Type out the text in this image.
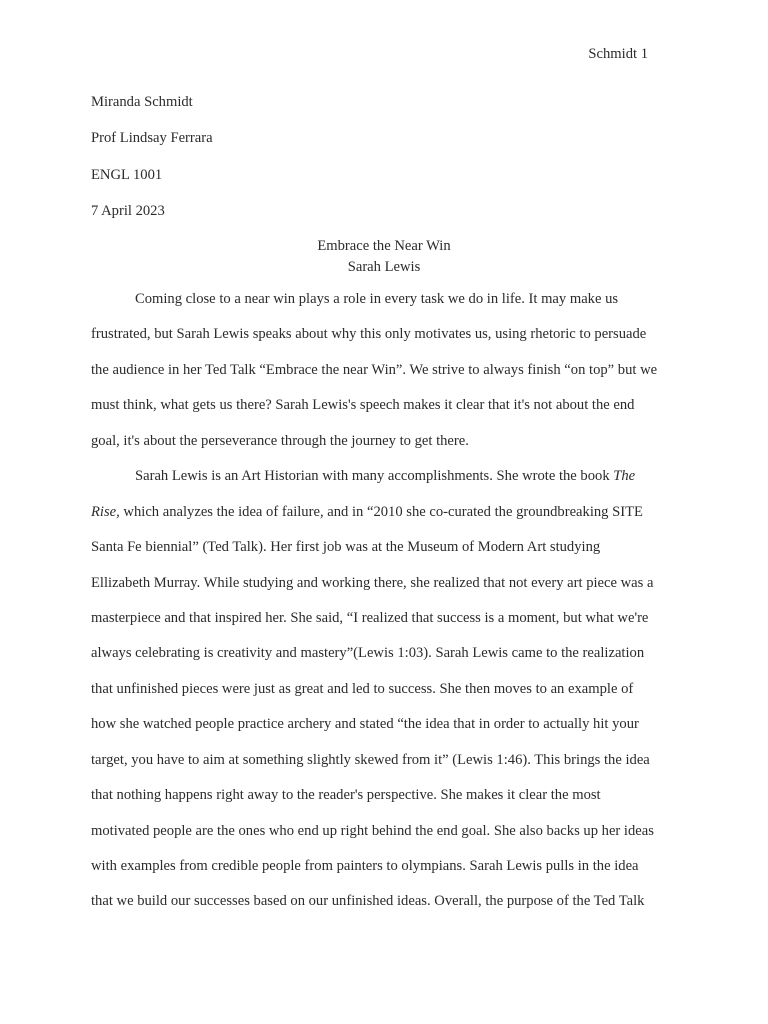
Schmidt 1
Miranda Schmidt
Prof Lindsay Ferrara
ENGL 1001
7 April 2023
Embrace the Near Win
Sarah Lewis
Coming close to a near win plays a role in every task we do in life. It may make us
frustrated, but Sarah Lewis speaks about why this only motivates us, using rhetoric to persuade
the audience in her Ted Talk “Embrace the near Win”. We strive to always finish “on top” but we
must think, what gets us there? Sarah Lewis's speech makes it clear that it's not about the end
goal, it's about the perseverance through the journey to get there.
Sarah Lewis is an Art Historian with many accomplishments. She wrote the book The
Rise, which analyzes the idea of failure, and in “2010 she co-curated the groundbreaking SITE
Santa Fe biennial” (Ted Talk). Her first job was at the Museum of Modern Art studying
Ellizabeth Murray. While studying and working there, she realized that not every art piece was a
masterpiece and that inspired her. She said, “I realized that success is a moment, but what we're
always celebrating is creativity and mastery”(Lewis 1:03). Sarah Lewis came to the realization
that unfinished pieces were just as great and led to success. She then moves to an example of
how she watched people practice archery and stated “the idea that in order to actually hit your
target, you have to aim at something slightly skewed from it” (Lewis 1:46). This brings the idea
that nothing happens right away to the reader's perspective. She makes it clear the most
motivated people are the ones who end up right behind the end goal. She also backs up her ideas
with examples from credible people from painters to olympians. Sarah Lewis pulls in the idea
that we build our successes based on our unfinished ideas. Overall, the purpose of the Ted Talk
